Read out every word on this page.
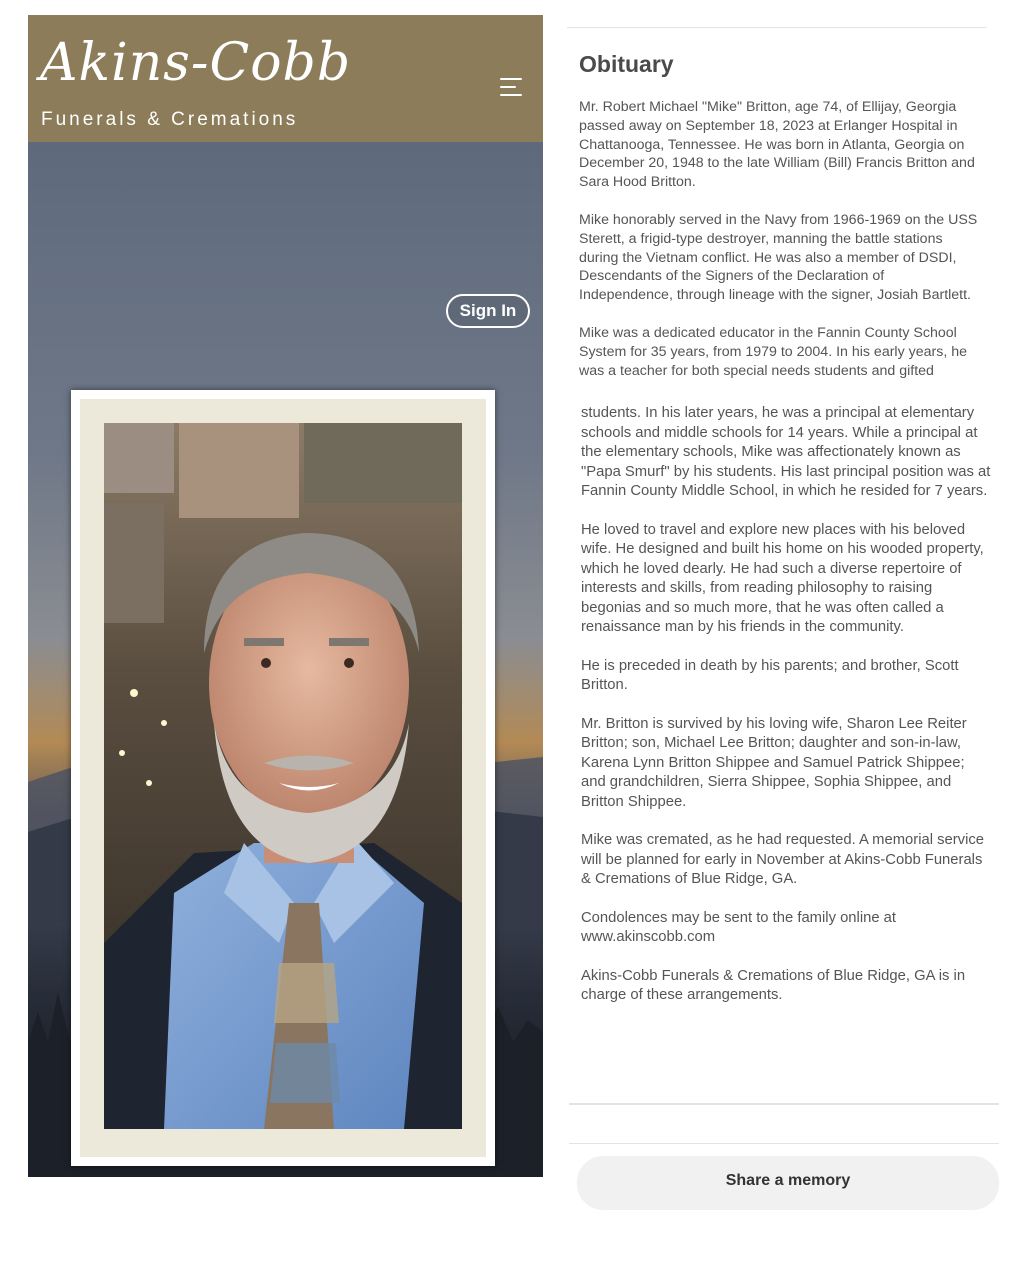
Akins-Cobb
Funerals & Cremations
Sign In
Robert Michael "Mike" Britton
December 20, 1948  -  September 18, 2023
Obituary

Mr. Robert Michael "Mike" Britton, age 74, of Ellijay, Georgia passed away on September 18, 2023 at Erlanger Hospital in Chattanooga, Tennessee. He was born in Atlanta, Georgia on December 20, 1948 to the late William (Bill) Francis Britton and Sara Hood Britton.

Mike honorably served in the Navy from 1966-1969 on the USS Sterett, a frigid-type destroyer, manning the battle stations during the Vietnam conflict. He was also a member of DSDI, Descendants of the Signers of the Declaration of Independence, through lineage with the signer, Josiah Bartlett.

Mike was a dedicated educator in the Fannin County School System for 35 years, from 1979 to 2004. In his early years, he was a teacher for both special needs students and gifted

students. In his later years, he was a principal at elementary schools and middle schools for 14 years. While a principal at the elementary schools, Mike was affectionately known as "Papa Smurf" by his students. His last principal position was at Fannin County Middle School, in which he resided for 7 years.

He loved to travel and explore new places with his beloved wife. He designed and built his home on his wooded property, which he loved dearly. He had such a diverse repertoire of interests and skills, from reading philosophy to raising begonias and so much more, that he was often called a renaissance man by his friends in the community.

He is preceded in death by his parents; and brother, Scott Britton.

Mr. Britton is survived by his loving wife, Sharon Lee Reiter Britton; son, Michael Lee Britton; daughter and son-in-law, Karena Lynn Britton Shippee and Samuel Patrick Shippee; and grandchildren, Sierra Shippee, Sophia Shippee, and Britton Shippee.

Mike was cremated, as he had requested. A memorial service will be planned for early in November at Akins-Cobb Funerals & Cremations of Blue Ridge, GA.

Condolences may be sent to the family online at www.akinscobb.com

Akins-Cobb Funerals & Cremations of Blue Ridge, GA is in charge of these arrangements.

Share a memory
